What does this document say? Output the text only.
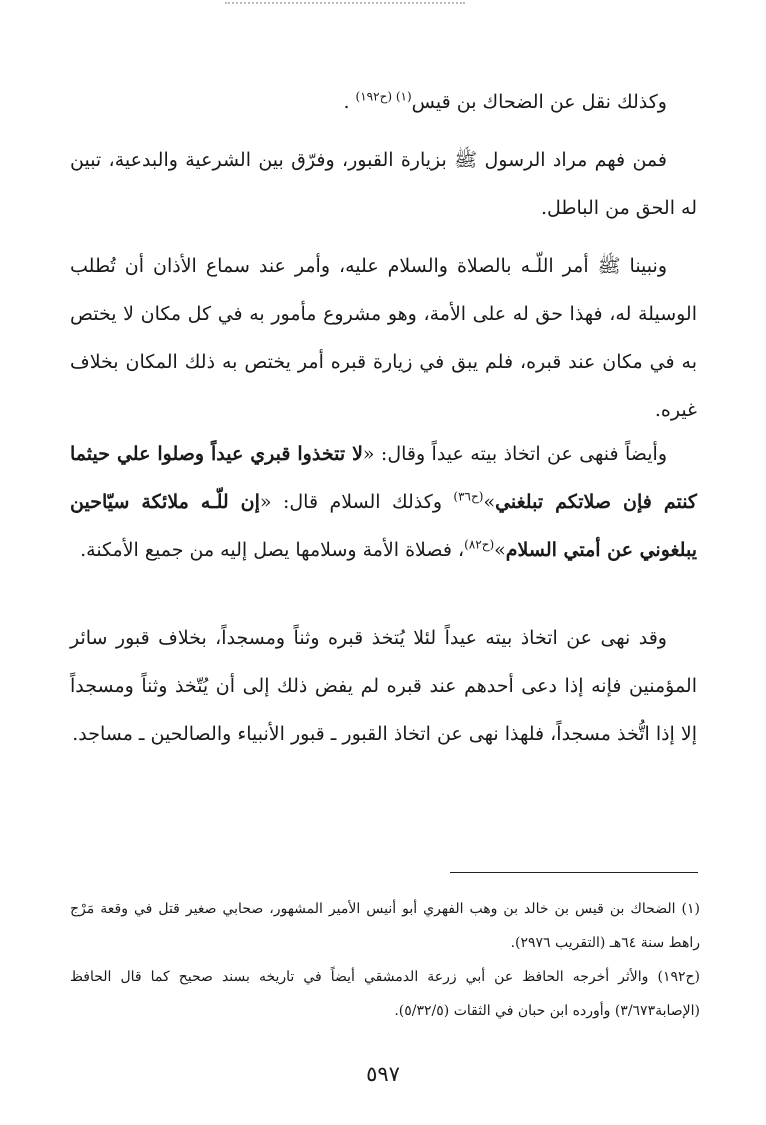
وكذلك نقل عن الضحاك بن قيس$^{(١) (ح١٩٢)}$ .

فمن فهم مراد الرسول ﷺ بزيارة القبور، وفرّق بين الشرعية والبدعية، تبين له الحق من الباطل.

ونبينا ﷺ أمر اللّـه بالصلاة والسلام عليه، وأمر عند سماع الأذان أن تُطلب الوسيلة له، فهذا حق له على الأمة، وهو مشروع مأمور به في كل مكان لا يختص به في مكان عند قبره، فلم يبق في زيارة قبره أمر يختص به ذلك المكان بخلاف غيره.

وأيضاً فنهى عن اتخاذ بيته عيداً وقال: «لا تتخذوا قبري عيداً وصلوا علي حيثما كنتم فإن صلاتكم تبلغني»$^{(ح٣٦)}$ وكذلك السلام قال: «إن للّـه ملائكة سيّاحين يبلغوني عن أمتي السلام»$^{(ح٨٢)}$، فصلاة الأمة وسلامها يصل إليه من جميع الأمكنة.

وقد نهى عن اتخاذ بيته عيداً لئلا يُتخذ قبره وثناً ومسجداً، بخلاف قبور سائر المؤمنين فإنه إذا دعى أحدهم عند قبره لم يفض ذلك إلى أن يُتّخذ وثناً ومسجداً إلا إذا اتُّخذ مسجداً، فلهذا نهى عن اتخاذ القبور ـ قبور الأنبياء والصالحين ـ مساجد.

(١) الضحاك بن قيس بن خالد بن وهب الفهري أبو أنيس الأمير المشهور، صحابي صغير قتل في وقعة مَرْج راهط سنة ٦٤هـ (التقريب ٢٩٧٦).

(ح١٩٢) والأثر أخرجه الحافظ عن أبي زرعة الدمشقي أيضاً في تاريخه بسند صحيح كما قال الحافظ (الإصابة٣/٦٧٣) وأورده ابن حبان في الثقات (٥/٣٢/٥).

٥٩٧
